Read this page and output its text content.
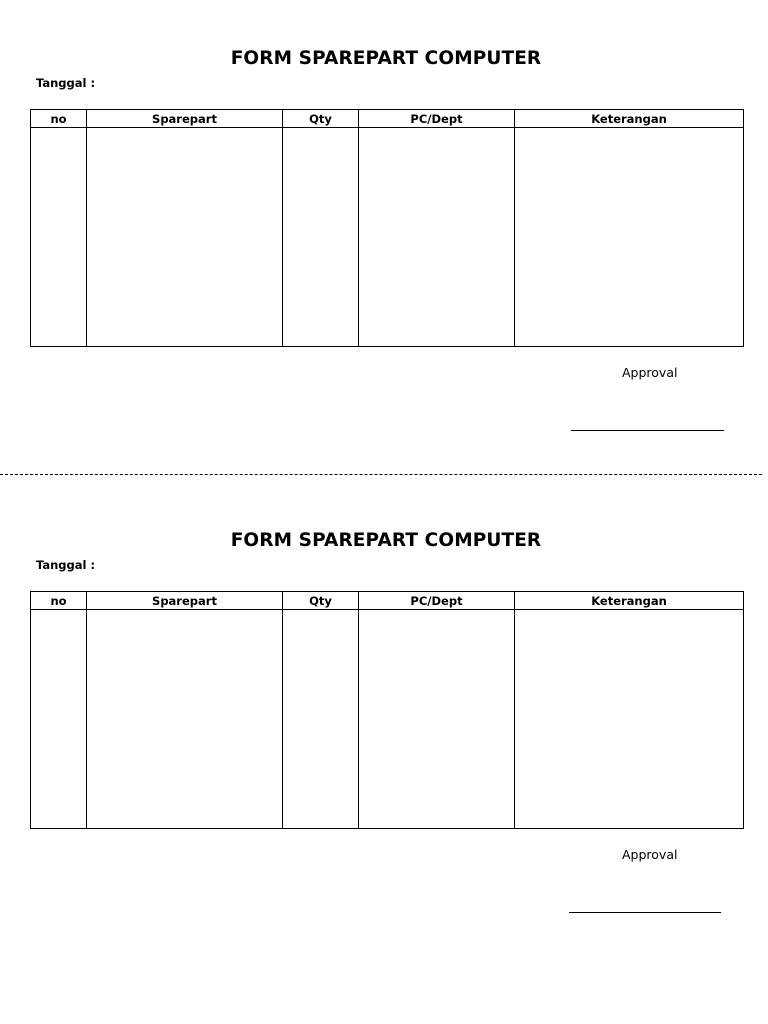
FORM SPAREPART COMPUTER
Tanggal :
no	Sparepart	Qty	PC/Dept	Keterangan

Approval
FORM SPAREPART COMPUTER
Tanggal :
no	Sparepart	Qty	PC/Dept	Keterangan

Approval
